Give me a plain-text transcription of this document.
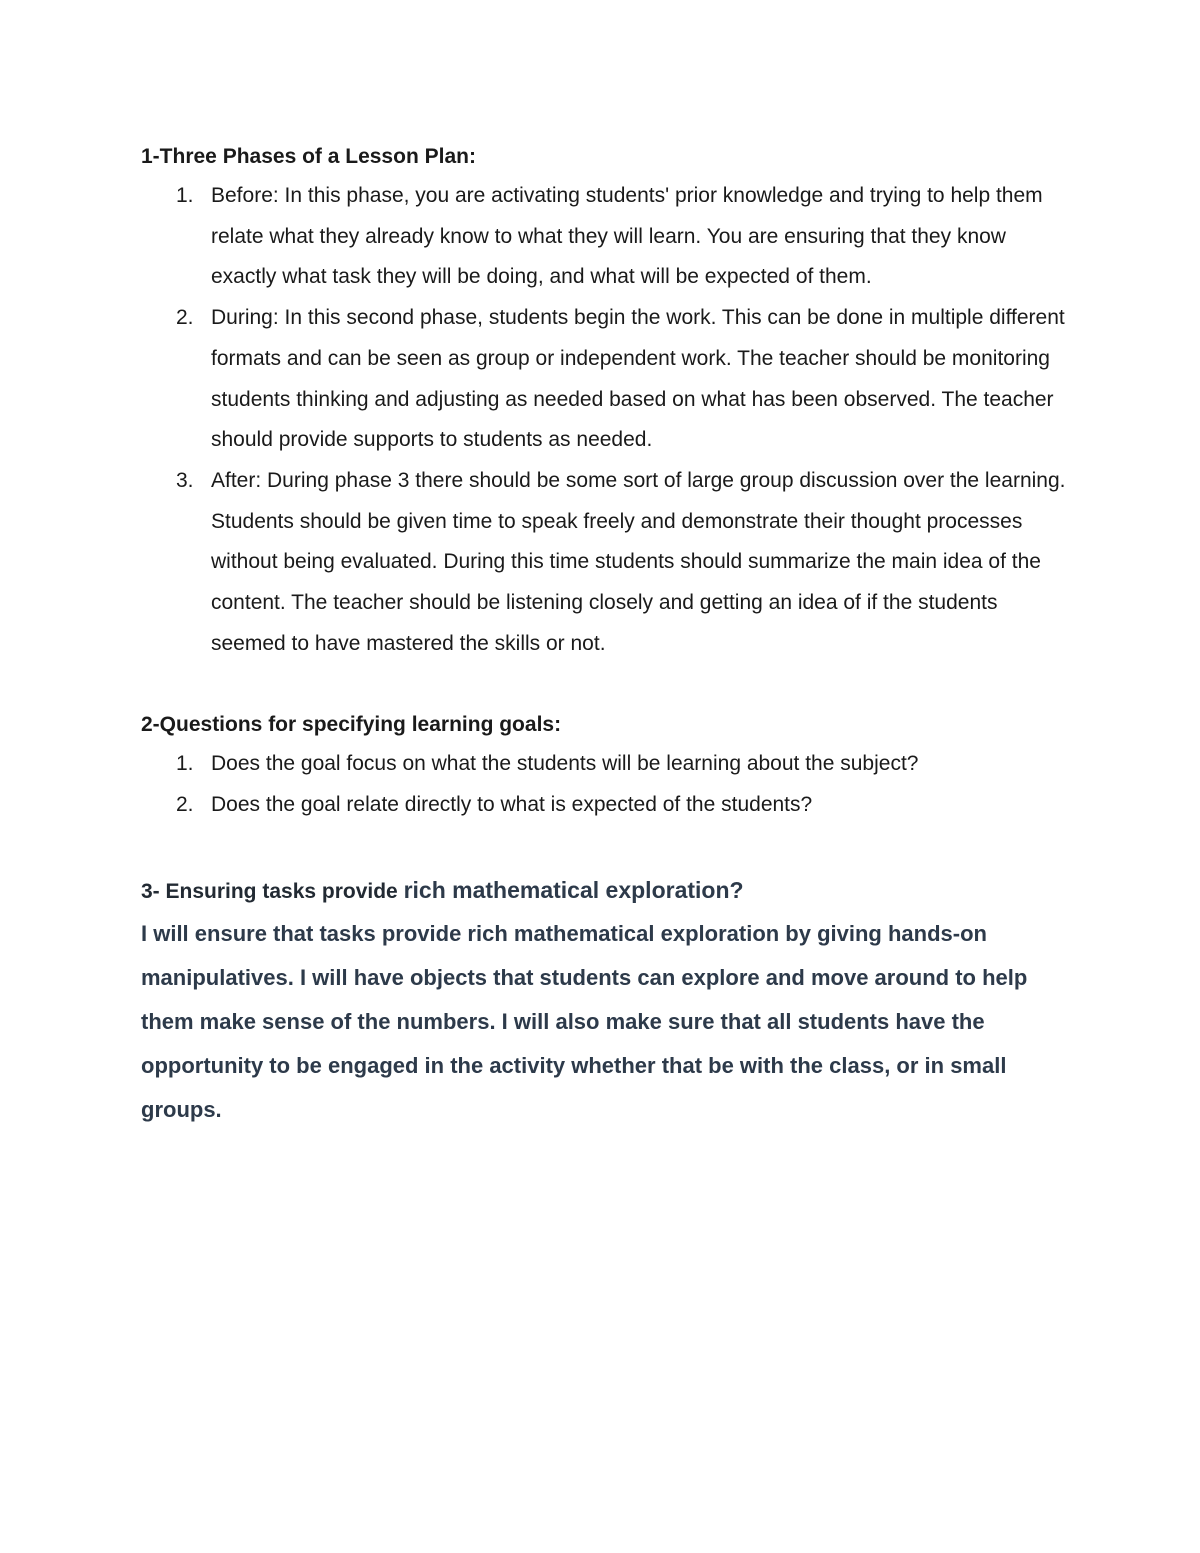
1-Three Phases of a Lesson Plan:

1. Before: In this phase, you are activating students' prior knowledge and trying to help them relate what they already know to what they will learn. You are ensuring that they know exactly what task they will be doing, and what will be expected of them.
2. During: In this second phase, students begin the work. This can be done in multiple different formats and can be seen as group or independent work. The teacher should be monitoring students thinking and adjusting as needed based on what has been observed. The teacher should provide supports to students as needed.
3. After: During phase 3 there should be some sort of large group discussion over the learning. Students should be given time to speak freely and demonstrate their thought processes without being evaluated. During this time students should summarize the main idea of the content. The teacher should be listening closely and getting an idea of if the students seemed to have mastered the skills or not.

2-Questions for specifying learning goals:

1. Does the goal focus on what the students will be learning about the subject?
2. Does the goal relate directly to what is expected of the students?

3- Ensuring tasks provide rich mathematical exploration?

I will ensure that tasks provide rich mathematical exploration by giving hands-on manipulatives. I will have objects that students can explore and move around to help them make sense of the numbers. I will also make sure that all students have the opportunity to be engaged in the activity whether that be with the class, or in small groups.
